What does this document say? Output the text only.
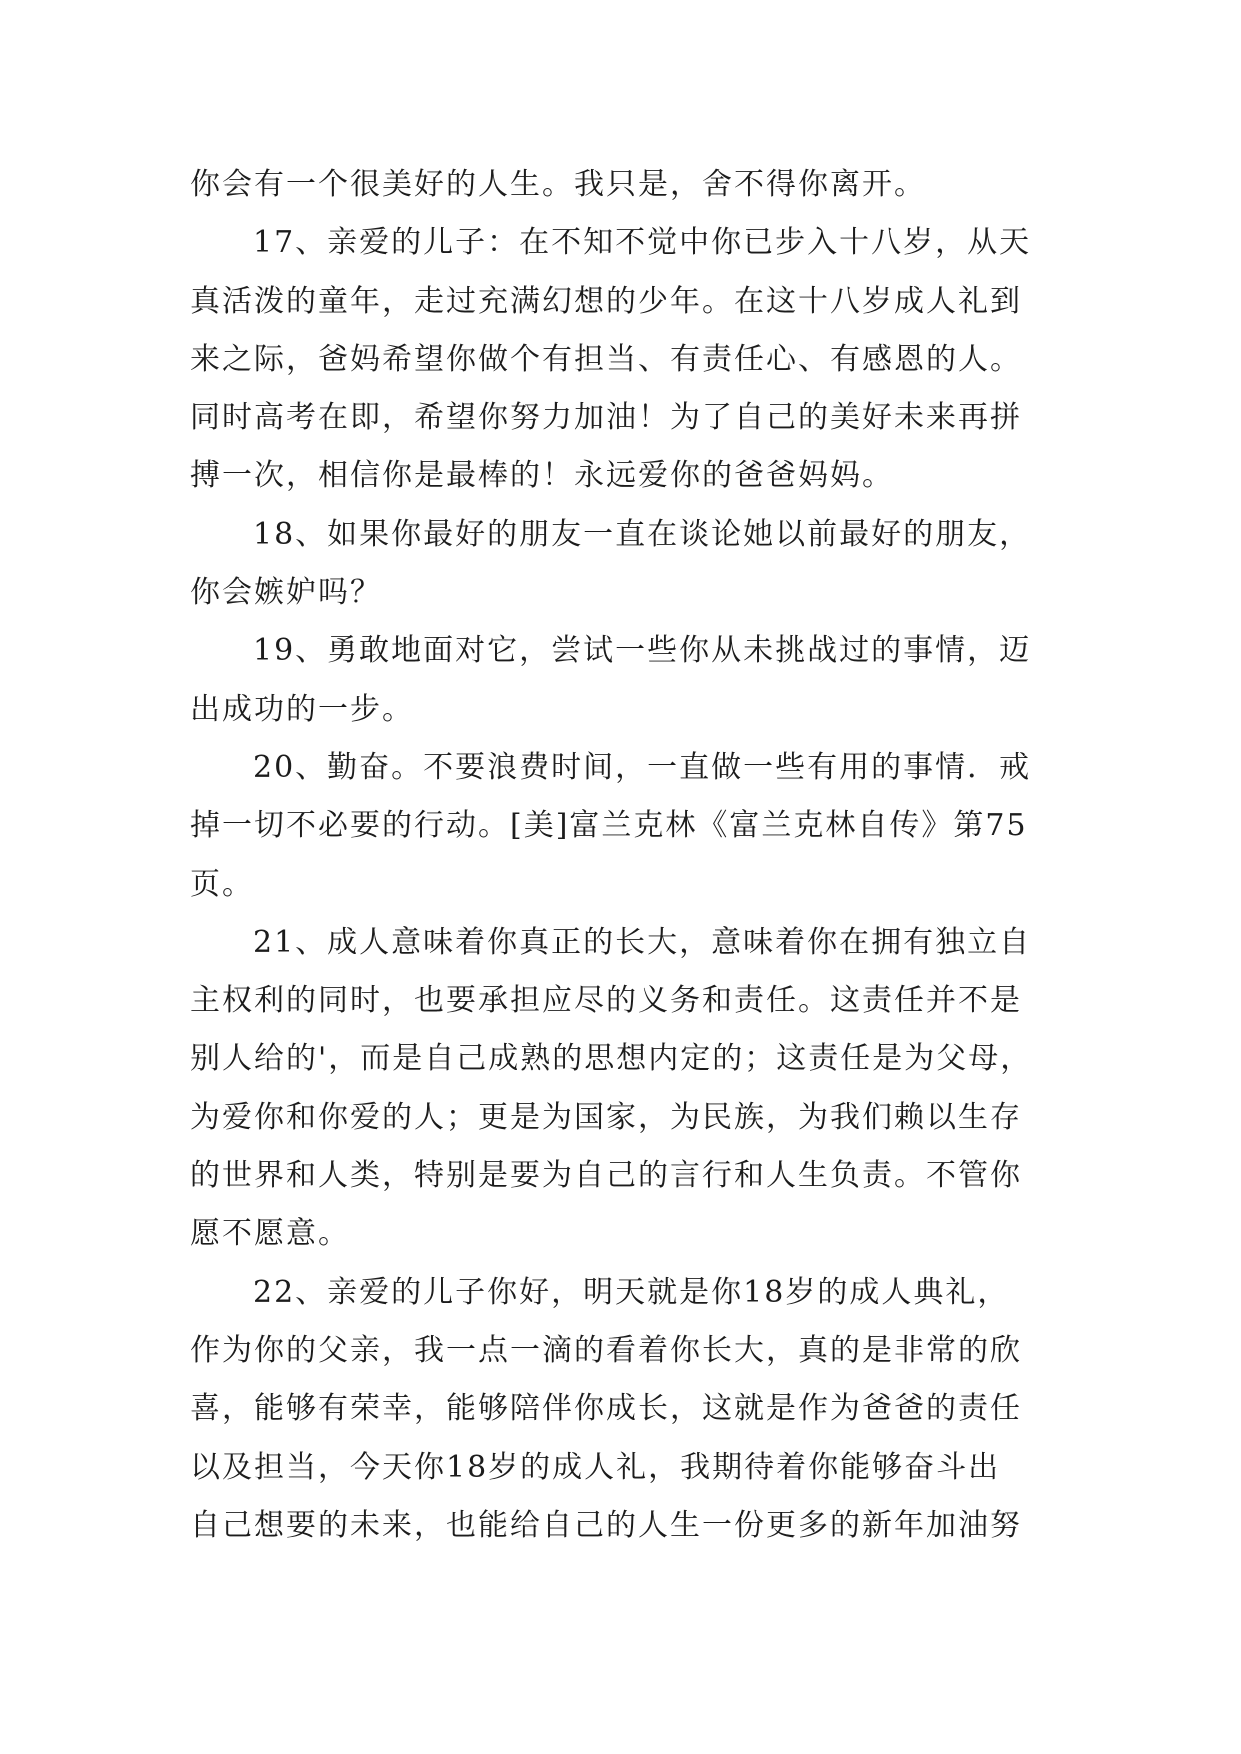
你会有一个很美好的人生。我只是，舍不得你离开。
17、亲爱的儿子：在不知不觉中你已步入十八岁，从天
真活泼的童年，走过充满幻想的少年。在这十八岁成人礼到
来之际，爸妈希望你做个有担当、有责任心、有感恩的人。
同时高考在即，希望你努力加油！为了自己的美好未来再拼
搏一次，相信你是最棒的！永远爱你的爸爸妈妈。
18、如果你最好的朋友一直在谈论她以前最好的朋友，
你会嫉妒吗？
19、勇敢地面对它，尝试一些你从未挑战过的事情，迈
出成功的一步。
20、勤奋。不要浪费时间，一直做一些有用的事情．戒
掉一切不必要的行动。[美]富兰克林《富兰克林自传》第75
页。
21、成人意味着你真正的长大，意味着你在拥有独立自
主权利的同时，也要承担应尽的义务和责任。这责任并不是
别人给的'，而是自己成熟的思想内定的；这责任是为父母，
为爱你和你爱的人；更是为国家，为民族，为我们赖以生存
的世界和人类，特别是要为自己的言行和人生负责。不管你
愿不愿意。
22、亲爱的儿子你好，明天就是你18岁的成人典礼，
作为你的父亲，我一点一滴的看着你长大，真的是非常的欣
喜，能够有荣幸，能够陪伴你成长，这就是作为爸爸的责任
以及担当，今天你18岁的成人礼，我期待着你能够奋斗出
自己想要的未来，也能给自己的人生一份更多的新年加油努
